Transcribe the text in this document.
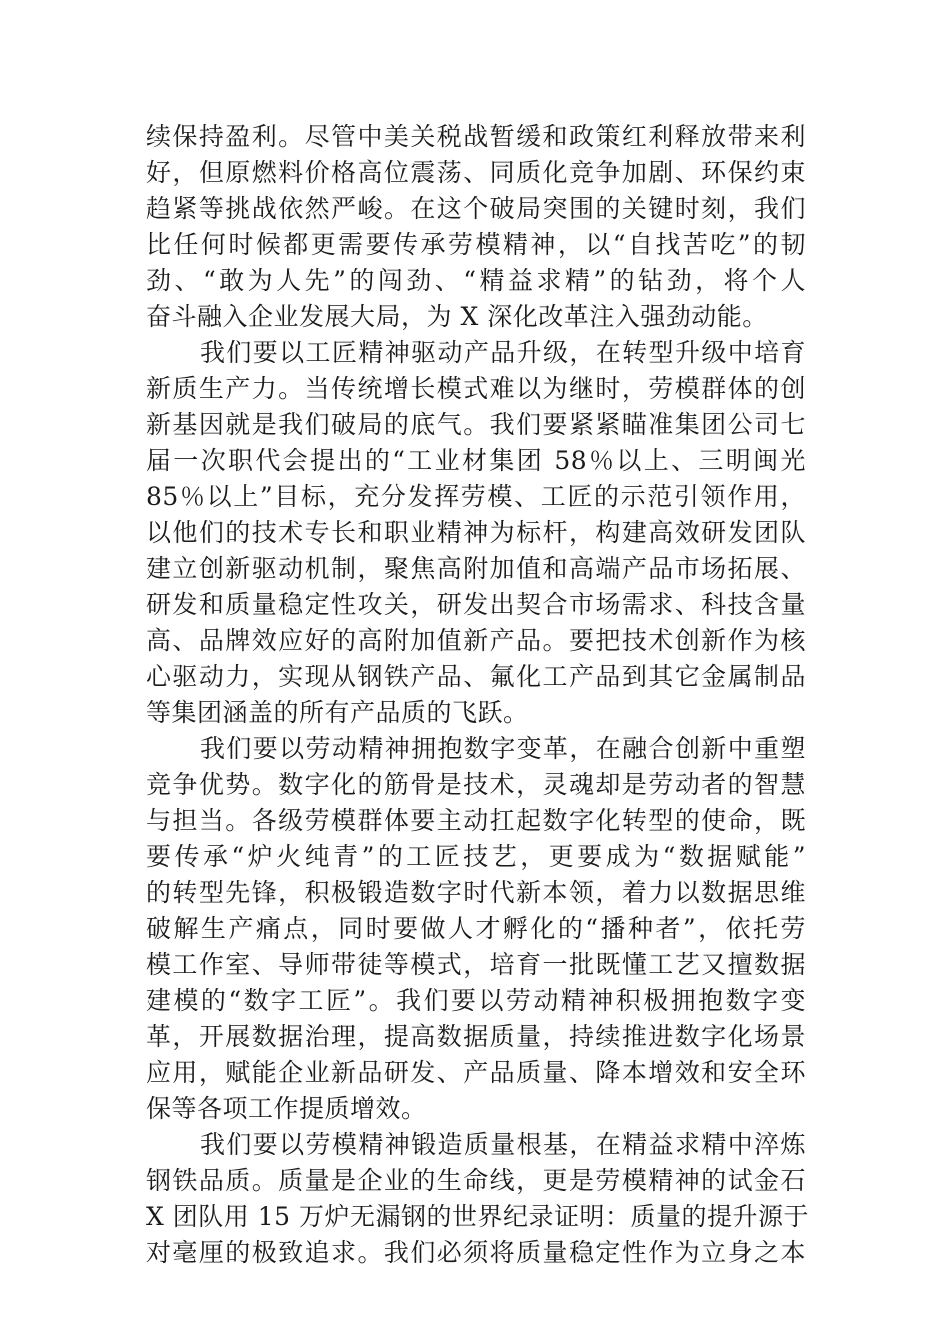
续保持盈利。尽管中美关税战暂缓和政策红利释放带来利
好，但原燃料价格高位震荡、同质化竞争加剧、环保约束
趋紧等挑战依然严峻。在这个破局突围的关键时刻，我们
比任何时候都更需要传承劳模精神，以“自找苦吃”的韧
劲、“敢为人先”的闯劲、“精益求精”的钻劲，将个人
奋斗融入企业发展大局，为 X 深化改革注入强劲动能。
我们要以工匠精神驱动产品升级，在转型升级中培育
新质生产力。当传统增长模式难以为继时，劳模群体的创
新基因就是我们破局的底气。我们要紧紧瞄准集团公司七
届一次职代会提出的“工业材集团 58％以上、三明闽光
85％以上”目标，充分发挥劳模、工匠的示范引领作用，
以他们的技术专长和职业精神为标杆，构建高效研发团队
建立创新驱动机制，聚焦高附加值和高端产品市场拓展、
研发和质量稳定性攻关，研发出契合市场需求、科技含量
高、品牌效应好的高附加值新产品。要把技术创新作为核
心驱动力，实现从钢铁产品、氟化工产品到其它金属制品
等集团涵盖的所有产品质的飞跃。
我们要以劳动精神拥抱数字变革，在融合创新中重塑
竞争优势。数字化的筋骨是技术，灵魂却是劳动者的智慧
与担当。各级劳模群体要主动扛起数字化转型的使命，既
要传承“炉火纯青”的工匠技艺，更要成为“数据赋能”
的转型先锋，积极锻造数字时代新本领，着力以数据思维
破解生产痛点，同时要做人才孵化的“播种者”，依托劳
模工作室、导师带徒等模式，培育一批既懂工艺又擅数据
建模的“数字工匠”。我们要以劳动精神积极拥抱数字变
革，开展数据治理，提高数据质量，持续推进数字化场景
应用，赋能企业新品研发、产品质量、降本增效和安全环
保等各项工作提质增效。
我们要以劳模精神锻造质量根基，在精益求精中淬炼
钢铁品质。质量是企业的生命线，更是劳模精神的试金石
X 团队用 15 万炉无漏钢的世界纪录证明：质量的提升源于
对毫厘的极致追求。我们必须将质量稳定性作为立身之本
